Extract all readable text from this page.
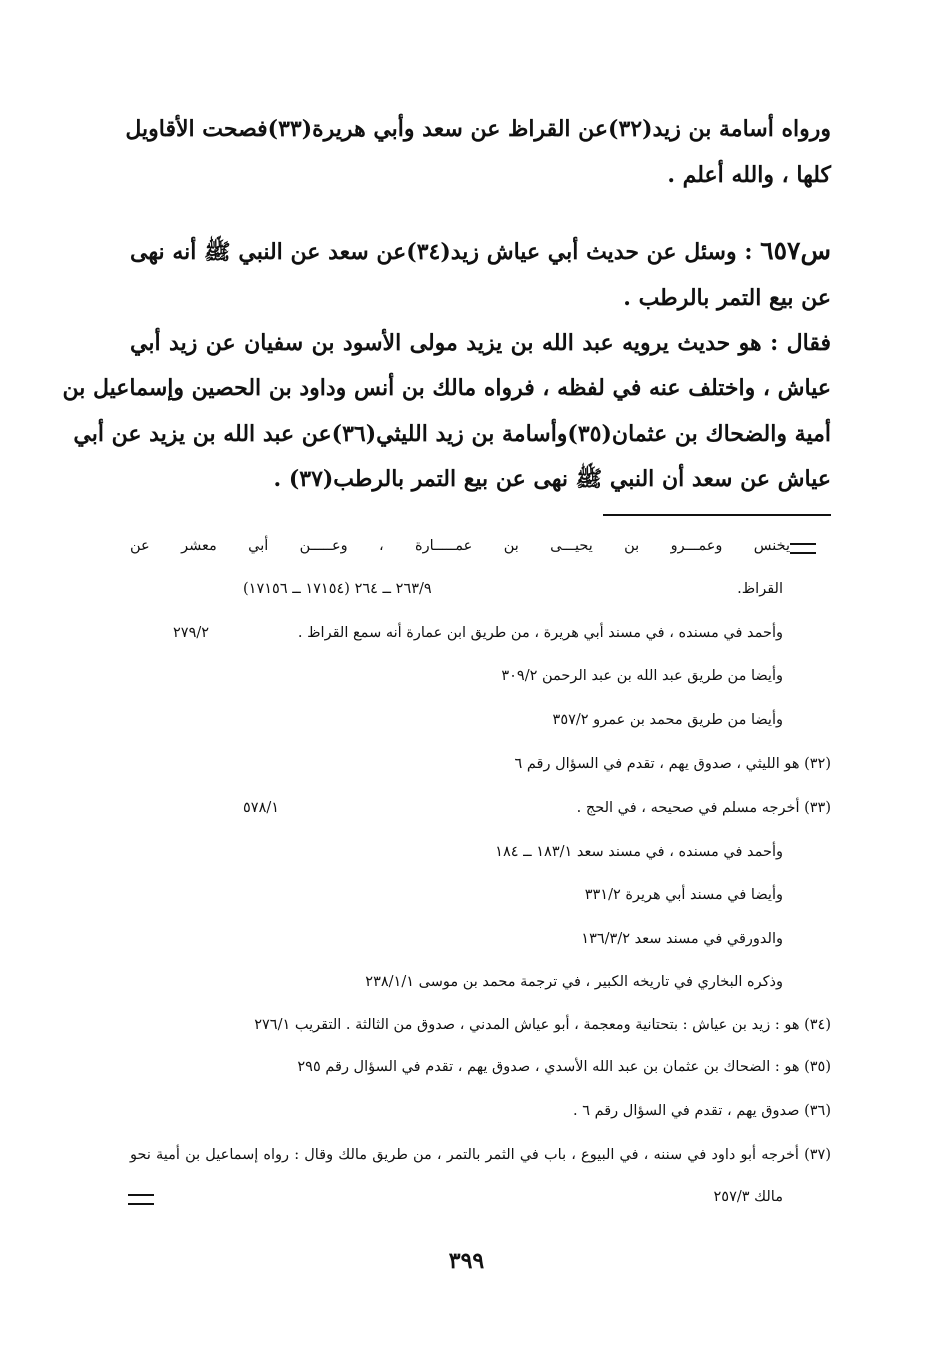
ورواه أسامة بن زيد(٣٢)عن القراظ عن سعد وأبي هريرة(٣٣)فصحت الأقاويل
كلها ، والله أعلم .
س٦٥٧ : وسئل عن حديث أبي عياش زيد(٣٤)عن سعد عن النبي ﷺ أنه نهى
عن بيع التمر بالرطب .
فقال : هو حديث يرويه عبد الله بن يزيد مولى الأسود بن سفيان عن زيد أبي
عياش ، واختلف عنه في لفظه ، فرواه مالك بن أنس وداود بن الحصين وإسماعيل بن
أمية والضحاك بن عثمان(٣٥)وأسامة بن زيد الليثي(٣٦)عن عبد الله بن يزيد عن أبي
عياش عن سعد أن النبي ﷺ نهى عن بيع التمر بالرطب(٣٧) .
يخنس وعمـــرو بن يحيـــى بن عمـــــارة ، وعـــــن أبي معشر عن
القراظ.
٢٦٣/٩ ــ ٢٦٤ (١٧١٥٤ ــ ١٧١٥٦)
وأحمد في مسنده ، في مسند أبي هريرة ، من طريق ابن عمارة أنه سمع القراظ .
٢٧٩/٢
وأيضا من طريق عبد الله بن عبد الرحمن ٣٠٩/٢
وأيضا من طريق محمد بن عمرو ٣٥٧/٢
(٣٢) هو الليثي ، صدوق يهم ، تقدم في السؤال رقم ٦
(٣٣) أخرجه مسلم في صحيحه ، في الحج .
٥٧٨/١
وأحمد في مسنده ، في مسند سعد ١٨٣/١ ــ ١٨٤
وأيضا في مسند أبي هريرة ٣٣١/٢
والدورقي في مسند سعد ١٣٦/٣/٢
وذكره البخاري في تاريخه الكبير ، في ترجمة محمد بن موسى ٢٣٨/١/١
(٣٤) هو : زيد بن عياش : بتحتانية ومعجمة ، أبو عياش المدني ، صدوق من الثالثة . التقريب ٢٧٦/١
(٣٥) هو : الضحاك بن عثمان بن عبد الله الأسدي ، صدوق يهم ، تقدم في السؤال رقم ٢٩٥
(٣٦) صدوق يهم ، تقدم في السؤال رقم ٦ .
(٣٧) أخرجه أبو داود في سننه ، في البيوع ، باب في الثمر بالتمر ، من طريق مالك وقال : رواه إسماعيل بن أمية نحو
مالك ٢٥٧/٣
٣٩٩
